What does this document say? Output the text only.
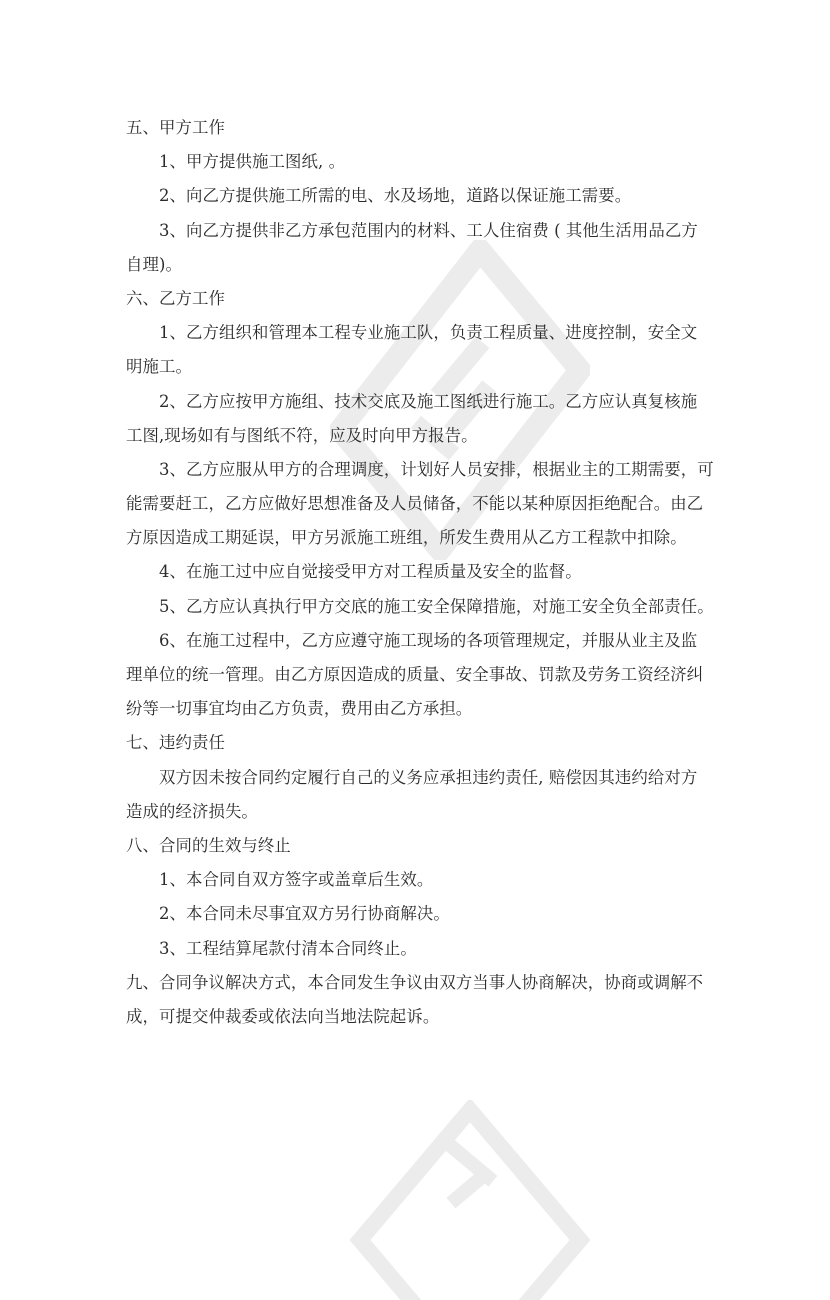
五、甲方工作
1、甲方提供施工图纸, 。
2、向乙方提供施工所需的电、水及场地，道路以保证施工需要。
3、向乙方提供非乙方承包范围内的材料、工人住宿费 ( 其他生活用品乙方
自理)。
六、乙方工作
1、乙方组织和管理本工程专业施工队，负责工程质量、进度控制，安全文
明施工。
2、乙方应按甲方施组、技术交底及施工图纸进行施工。乙方应认真复核施
工图,现场如有与图纸不符，应及时向甲方报告。
3、乙方应服从甲方的合理调度，计划好人员安排，根据业主的工期需要，可
能需要赶工，乙方应做好思想准备及人员储备，不能以某种原因拒绝配合。由乙
方原因造成工期延误，甲方另派施工班组，所发生费用从乙方工程款中扣除。
4、在施工过中应自觉接受甲方对工程质量及安全的监督。
5、乙方应认真执行甲方交底的施工安全保障措施，对施工安全负全部责任。
6、在施工过程中，乙方应遵守施工现场的各项管理规定，并服从业主及监
理单位的统一管理。由乙方原因造成的质量、安全事故、罚款及劳务工资经济纠
纷等一切事宜均由乙方负责，费用由乙方承担。
七、违约责任
双方因未按合同约定履行自己的义务应承担违约责任, 赔偿因其违约给对方
造成的经济损失。
八、合同的生效与终止
1、本合同自双方签字或盖章后生效。
2、本合同未尽事宜双方另行协商解决。
3、工程结算尾款付清本合同终止。
九、合同争议解决方式，本合同发生争议由双方当事人协商解决，协商或调解不
成，可提交仲裁委或依法向当地法院起诉。
